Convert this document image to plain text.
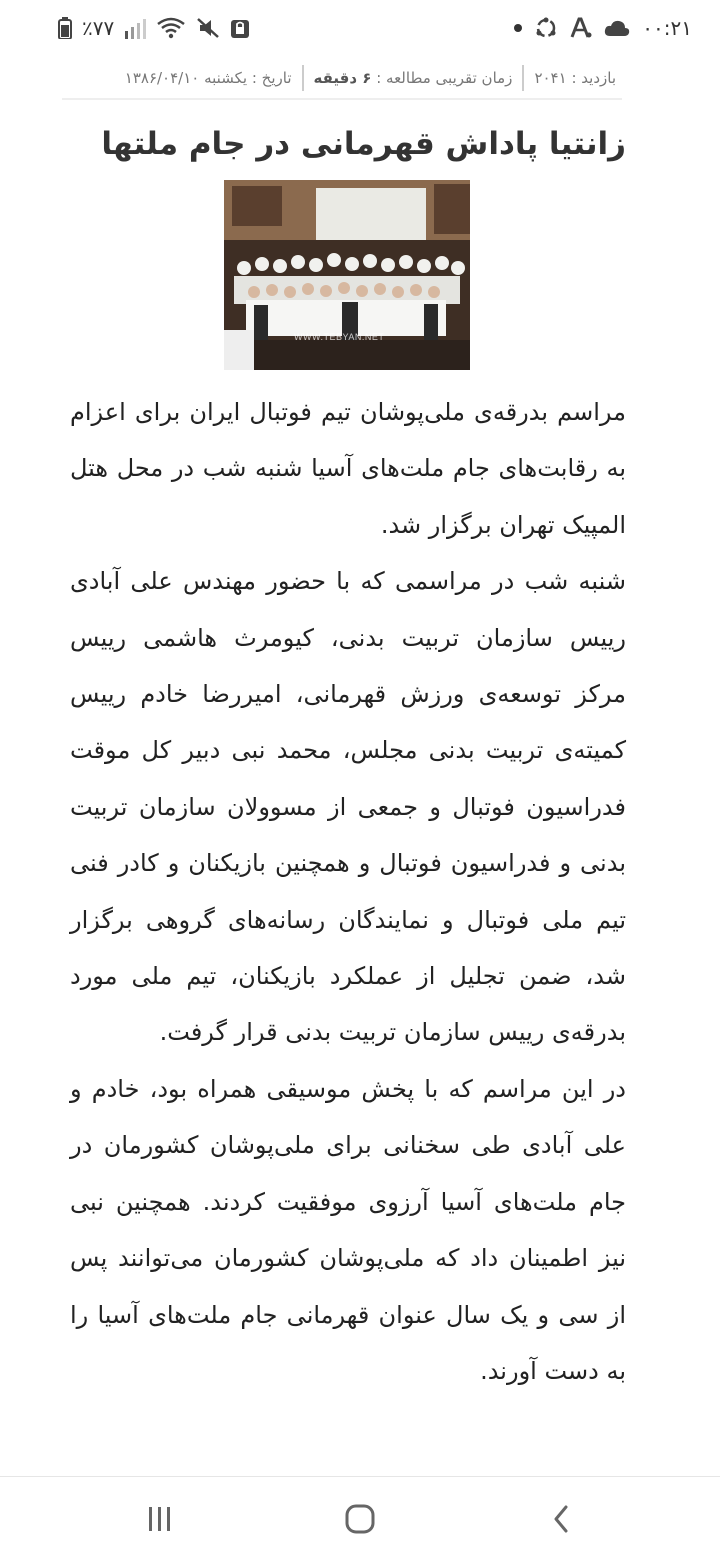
٪۷۷	۰۰:۲۱
بازدید : ۲۰۴۱
زمان تقریبی مطالعه : ۶ دقیقه
تاریخ : یکشنبه ۱۳۸۶/۰۴/۱۰
زانتیا پاداش قهرمانی در جام ملتها
WWW.TEBYAN.NET

مراسم بدرقه‌ی ملی‌پوشان تیم فوتبال ایران برای اعزام به رقابت‌های جام ملت‌های آسیا شنبه شب در محل هتل المپیک تهران برگزار شد.

شنبه شب در مراسمی که با حضور مهندس علی آبادی رییس سازمان تربیت بدنی، کیومرث هاشمی رییس مرکز توسعه‌ی ورزش قهرمانی، امیررضا خادم رییس کمیته‌ی تربیت بدنی مجلس، محمد نبی دبیر کل موقت فدراسیون فوتبال و جمعی از مسوولان سازمان تربیت بدنی و فدراسیون فوتبال و همچنین بازیکنان و کادر فنی تیم ملی فوتبال و نمایندگان رسانه‌های گروهی برگزار شد، ضمن تجلیل از عملکرد بازیکنان، تیم ملی مورد بدرقه‌ی رییس سازمان تربیت بدنی قرار گرفت.

در این مراسم که با پخش موسیقی همراه بود، خادم و علی آبادی طی سخنانی برای ملی‌پوشان کشورمان در جام ملت‌های آسیا آرزوی موفقیت کردند. همچنین نبی نیز اطمینان داد که ملی‌پوشان کشورمان می‌توانند پس از سی و یک سال عنوان قهرمانی جام ملت‌های آسیا را به دست آورند.
